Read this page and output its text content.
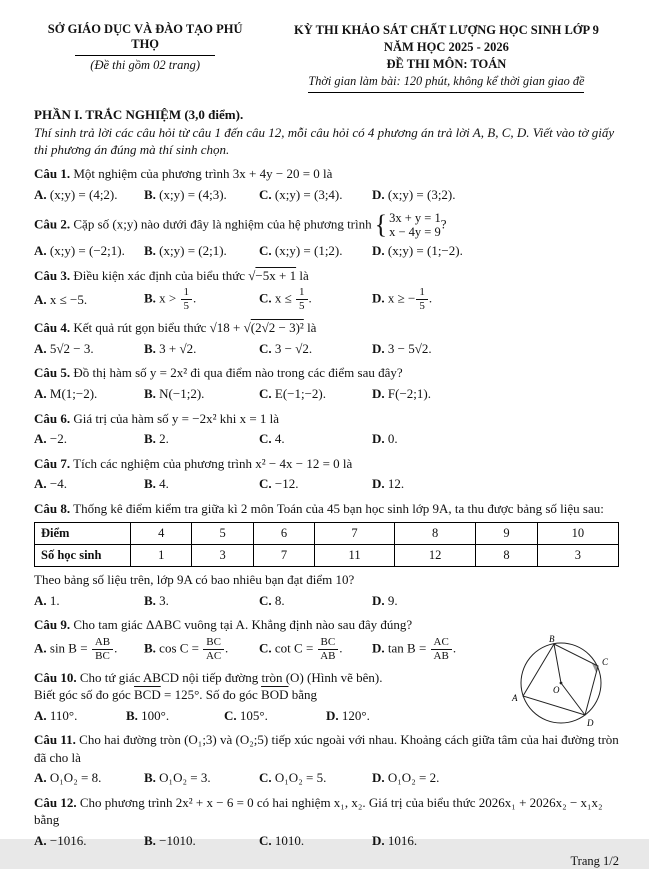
SỞ GIÁO DỤC VÀ ĐÀO TẠO PHÚ THỌ
(Đề thi gồm 02 trang)
KỲ THI KHẢO SÁT CHẤT LƯỢNG HỌC SINH LỚP 9
NĂM HỌC 2025 - 2026
ĐỀ THI MÔN: TOÁN
Thời gian làm bài: 120 phút, không kể thời gian giao đề
PHẦN I. TRẮC NGHIỆM (3,0 điểm).
Thí sinh trả lời các câu hỏi từ câu 1 đến câu 12, mỗi câu hỏi có 4 phương án trả lời A, B, C, D. Viết vào tờ giấy thi phương án đúng mà thí sinh chọn.
Câu 1. Một nghiệm của phương trình 3x + 4y − 20 = 0 là
A. (x;y) = (4;2).	B. (x;y) = (4;3).	C. (x;y) = (3;4).	D. (x;y) = (3;2).
Câu 2. Cặp số (x;y) nào dưới đây là nghiệm của hệ phương trình { 3x + y = 1
x − 4y = 9
?
A. (x;y) = (−2;1).	B. (x;y) = (2;1).	C. (x;y) = (1;2).	D. (x;y) = (1;−2).
Câu 3. Điều kiện xác định của biểu thức √−5x + 1 là
A. x ≤ −5.	B. $x > \frac{1}{5}$ .	C. $x \le \frac{1}{5}$ .	D. x ≥ − $\frac{1}{5}$ .
Câu 4. Kết quả rút gọn biểu thức √18 + √(2√2 − 3)² là
A. 5√2 − 3.	B. 3 + √2.	C. 3 − √2.	D. 3 − 5√2.
Câu 5. Đồ thị hàm số y = 2x² đi qua điểm nào trong các điểm sau đây?
A. M(1;−2).	B. N(−1;2).	C. E(−1;−2).	D. F(−2;1).
Câu 6. Giá trị của hàm số y = −2x² khi x = 1 là
A. −2.	B. 2.	C. 4.	D. 0.
Câu 7. Tích các nghiệm của phương trình x² − 4x − 12 = 0 là
A. −4.	B. 4.	C. −12.	D. 12.
Câu 8. Thống kê điểm kiểm tra giữa kì 2 môn Toán của 45 bạn học sinh lớp 9A, ta thu được bảng số liệu sau:
Điểm	4	5	6	7	8	9	10
Số học sinh	1	3	7	11	12	8	3
Theo bảng số liệu trên, lớp 9A có bao nhiêu bạn đạt điểm 10?
A. 1.	B. 3.	C. 8.	D. 9.
Câu 9. Cho tam giác ΔABC vuông tại A. Khẳng định nào sau đây đúng?
A. $\sin B = \frac{AB}{BC}$ .	B. $\cos C = \frac{BC}{AC}$ .	C. $\cot C = \frac{BC}{AB}$ .	D. $\tan B = \frac{AC}{AB}$ .
Câu 10. Cho tứ giác ABCD nội tiếp đường tròn (O) (Hình vẽ bên).
Biết góc số đo góc $\overline{BCD} = 125^\circ$. Số đo góc $\overline{BOD}$ bằng
A. 110°.	B. 100°.	C. 105°.	D. 120°.
B
C
D
A
O
Câu 11. Cho hai đường tròn (O₁;3) và (O₂;5) tiếp xúc ngoài với nhau. Khoảng cách giữa tâm của hai đường tròn đã cho là
A. O₁O₂ = 8.	B. O₁O₂ = 3.	C. O₁O₂ = 5.	D. O₁O₂ = 2.
Câu 12. Cho phương trình 2x² + x − 6 = 0 có hai nghiệm x₁, x₂. Giá trị của biểu thức 2026x₁ + 2026x₂ − x₁x₂ bằng
A. −1016.	B. −1010.	C. 1010.	D. 1016.
Trang 1/2
